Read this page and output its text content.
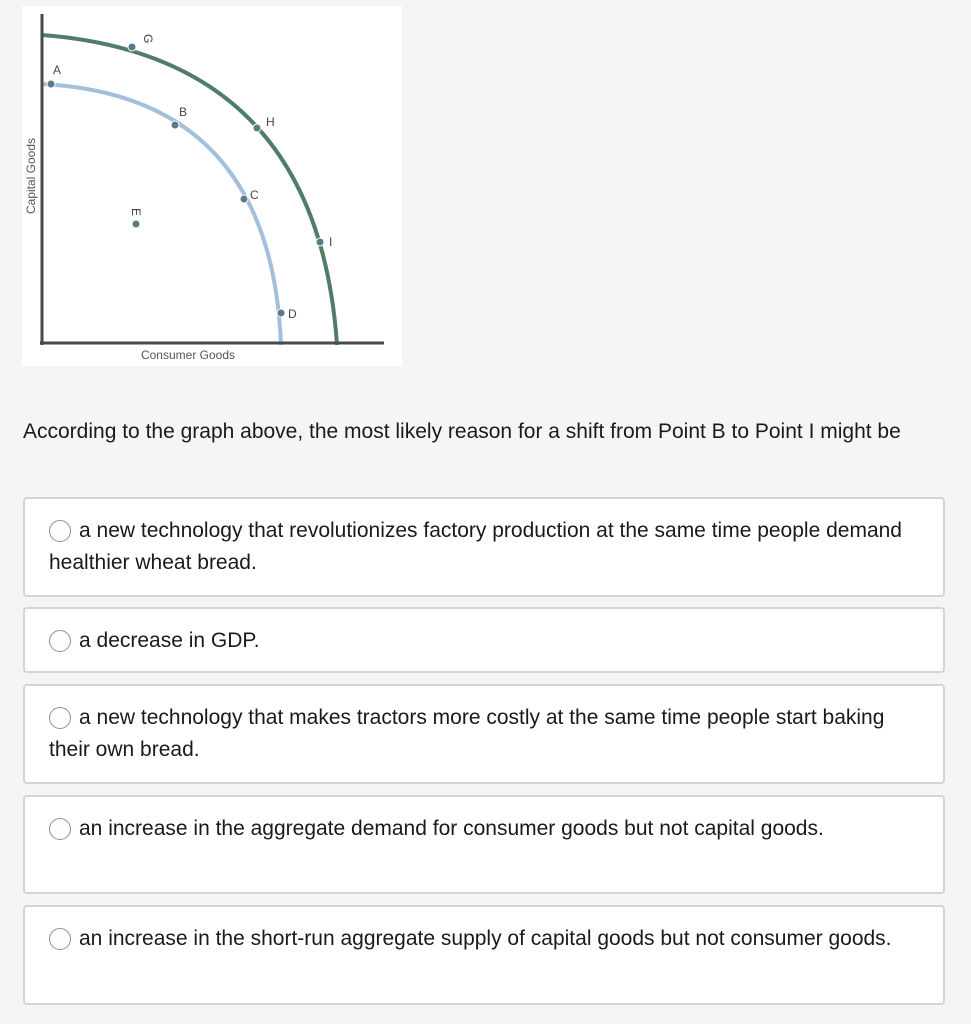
Capital Goods
Consumer Goods
A
B
C
D
E
G
H
I
According to the graph above, the most likely reason for a shift from Point B to Point I might be
a new technology that revolutionizes factory production at the same time people demand healthier wheat bread.
a decrease in GDP.
a new technology that makes tractors more costly at the same time people start baking their own bread.
an increase in the aggregate demand for consumer goods but not capital goods.
an increase in the short-run aggregate supply of capital goods but not consumer goods.
